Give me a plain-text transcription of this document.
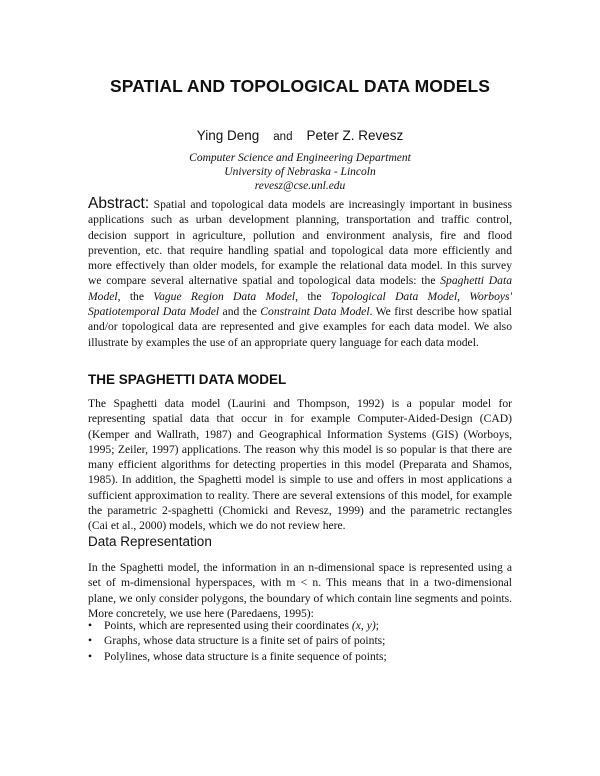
SPATIAL AND TOPOLOGICAL DATA MODELS
Ying Deng and Peter Z. Revesz
Computer Science and Engineering Department
University of Nebraska - Lincoln
revesz@cse.unl.edu
Abstract: Spatial and topological data models are increasingly important in business applications such as urban development planning, transportation and traffic control, decision support in agriculture, pollution and environment analysis, fire and flood prevention, etc. that require handling spatial and topological data more efficiently and more effectively than older models, for example the relational data model. In this survey we compare several alternative spatial and topological data models: the Spaghetti Data Model, the Vague Region Data Model, the Topological Data Model, Worboys' Spatiotemporal Data Model and the Constraint Data Model. We first describe how spatial and/or topological data are represented and give examples for each data model. We also illustrate by examples the use of an appropriate query language for each data model.
THE SPAGHETTI DATA MODEL
The Spaghetti data model (Laurini and Thompson, 1992) is a popular model for representing spatial data that occur in for example Computer-Aided-Design (CAD) (Kemper and Wallrath, 1987) and Geographical Information Systems (GIS) (Worboys, 1995; Zeiler, 1997) applications. The reason why this model is so popular is that there are many efficient algorithms for detecting properties in this model (Preparata and Shamos, 1985). In addition, the Spaghetti model is simple to use and offers in most applications a sufficient approximation to reality. There are several extensions of this model, for example the parametric 2-spaghetti (Chomicki and Revesz, 1999) and the parametric rectangles (Cai et al., 2000) models, which we do not review here.
Data Representation
In the Spaghetti model, the information in an n-dimensional space is represented using a set of m-dimensional hyperspaces, with m < n. This means that in a two-dimensional plane, we only consider polygons, the boundary of which contain line segments and points. More concretely, we use here (Paredaens, 1995):
• Points, which are represented using their coordinates (x, y);
• Graphs, whose data structure is a finite set of pairs of points;
• Polylines, whose data structure is a finite sequence of points;
